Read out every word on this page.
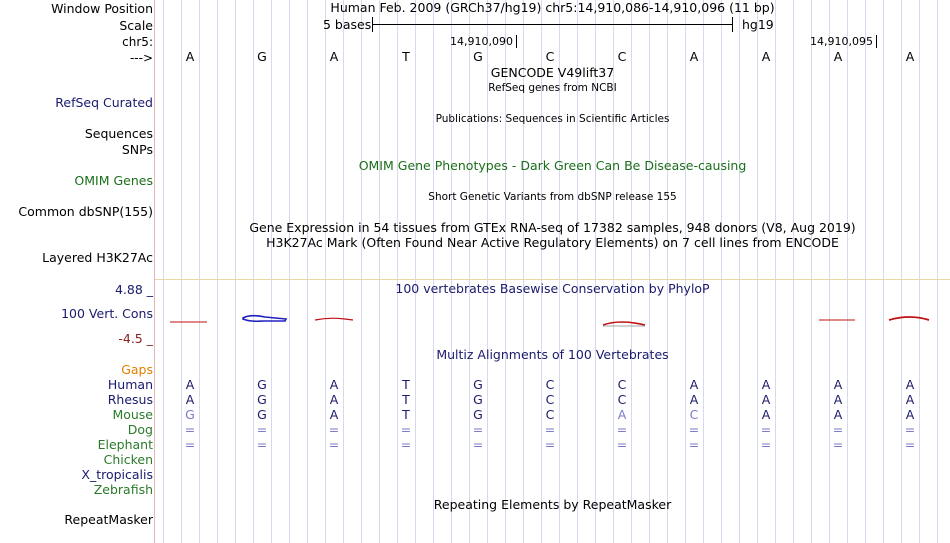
Window Position	Human Feb. 2009 (GRCh37/hg19) chr5:14,910,086-14,910,096 (11 bp)
Scale	5 bases	hg19
chr5:	14,910,090	14,910,095
--->	A	G	A	T	G	C	C	A	A	A	A
GENCODE V49lift37
RefSeq genes from NCBI
RefSeq Curated
Publications: Sequences in Scientific Articles
Sequences
SNPs
OMIM Gene Phenotypes - Dark Green Can Be Disease-causing
OMIM Genes
Short Genetic Variants from dbSNP release 155
Common dbSNP(155)
Gene Expression in 54 tissues from GTEx RNA-seq of 17382 samples, 948 donors (V8, Aug 2019)
H3K27Ac Mark (Often Found Near Active Regulatory Elements) on 7 cell lines from ENCODE
Layered H3K27Ac
100 vertebrates Basewise Conservation by PhyloP
4.88 _
100 Vert. Cons
-4.5 _
Multiz Alignments of 100 Vertebrates
Gaps
Human	A	G	A	T	G	C	C	A	A	A	A
Rhesus	A	G	A	T	G	C	C	A	A	A	A
Mouse	G	G	A	T	G	C	A	C	A	A	A
Dog	=	=	=	=	=	=	=	=	=	=	=
Elephant	=	=	=	=	=	=	=	=	=	=	=
Chicken
X_tropicalis
Zebrafish
Repeating Elements by RepeatMasker
RepeatMasker
